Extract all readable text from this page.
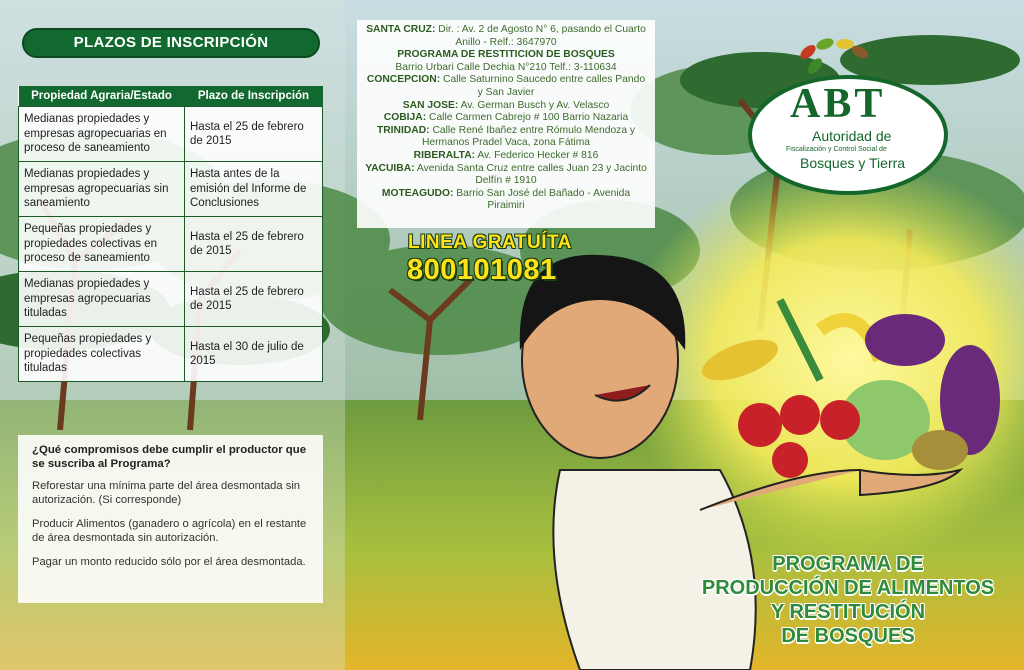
PLAZOS DE INSCRIPCIÓN
Propiedad Agraria/Estado	Plazo de Inscripción
Medianas propiedades y empresas agropecuarias en proceso de saneamiento	Hasta el 25 de febrero de 2015
Medianas propiedades y empresas agropecuarias sin saneamiento	Hasta antes de la emisión del Informe de Conclusiones
Pequeñas propiedades y propiedades colectivas en proceso de saneamiento	Hasta el 25 de febrero de 2015
Medianas propiedades y empresas agropecuarias tituladas	Hasta el 25 de febrero de 2015
Pequeñas propiedades y propiedades colectivas tituladas	Hasta el 30 de julio de 2015
¿Qué compromisos debe cumplir el productor que se suscriba al Programa?

Reforestar una mínima parte del área desmontada sin autorización. (Si corresponde)

Producir Alimentos (ganadero o agrícola) en el restante de área desmontada sin autorización.

Pagar un monto reducido sólo por el área desmontada.

SANTA CRUZ: Dir. : Av. 2 de Agosto N° 6, pasando el Cuarto Anillo - Relf.: 3647970
PROGRAMA DE RESTITICION DE BOSQUES
Barrio Urbari Calle Dechia N°210 Telf.: 3-110634
CONCEPCION: Calle Saturnino Saucedo entre calles Pando y San Javier
SAN JOSE: Av. German Busch y Av. Velasco
COBIJA: Calle Carmen Cabrejo # 100 Barrio Nazaria
TRINIDAD: Calle René Ibañez entre Rómulo Mendoza y Hermanos Pradel Vaca, zona Fátima
RIBERALTA: Av. Federico Hecker # 816
YACUIBA: Avenida Santa Cruz entre calles Juan 23 y Jacinto Delfín # 1910
MOTEAGUDO: Barrio San José del Bañado - Avenida Piraimiri
LINEA GRATUÍTA
800101081
ABT
Autoridad de
Fiscalización y Control Social de
Bosques y Tierra
PROGRAMA DE
PRODUCCIÓN DE ALIMENTOS
Y RESTITUCIÓN
DE BOSQUES
